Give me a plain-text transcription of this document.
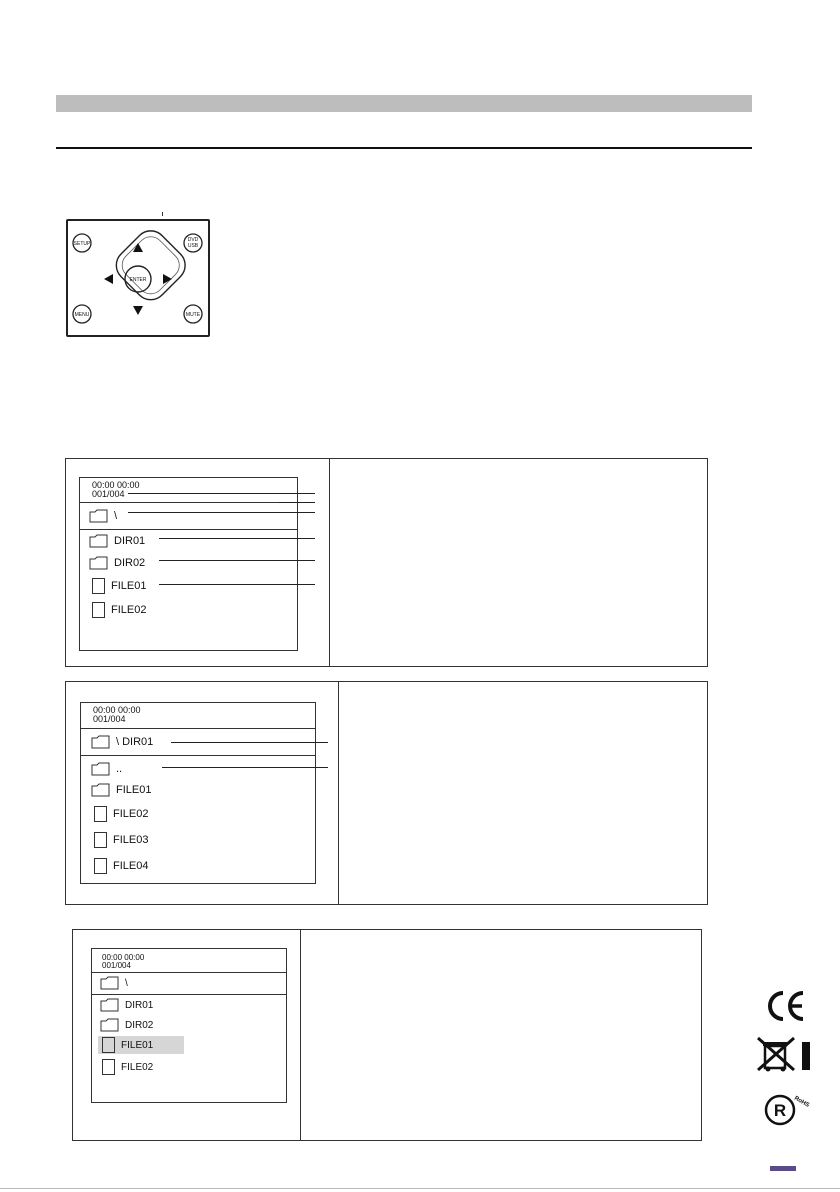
SETUP
DVD
USB
MENU	MUTE
ENTER
00:00 00:00
001/004
\
DIR01
DIR02
FILE01
FILE02
00:00 00:00
001/004
\ DIR01
..
FILE01
FILE02
FILE03
FILE04
00:00 00:00
001/004
\
DIR01
DIR02
FILE01
FILE02
R RoHS
